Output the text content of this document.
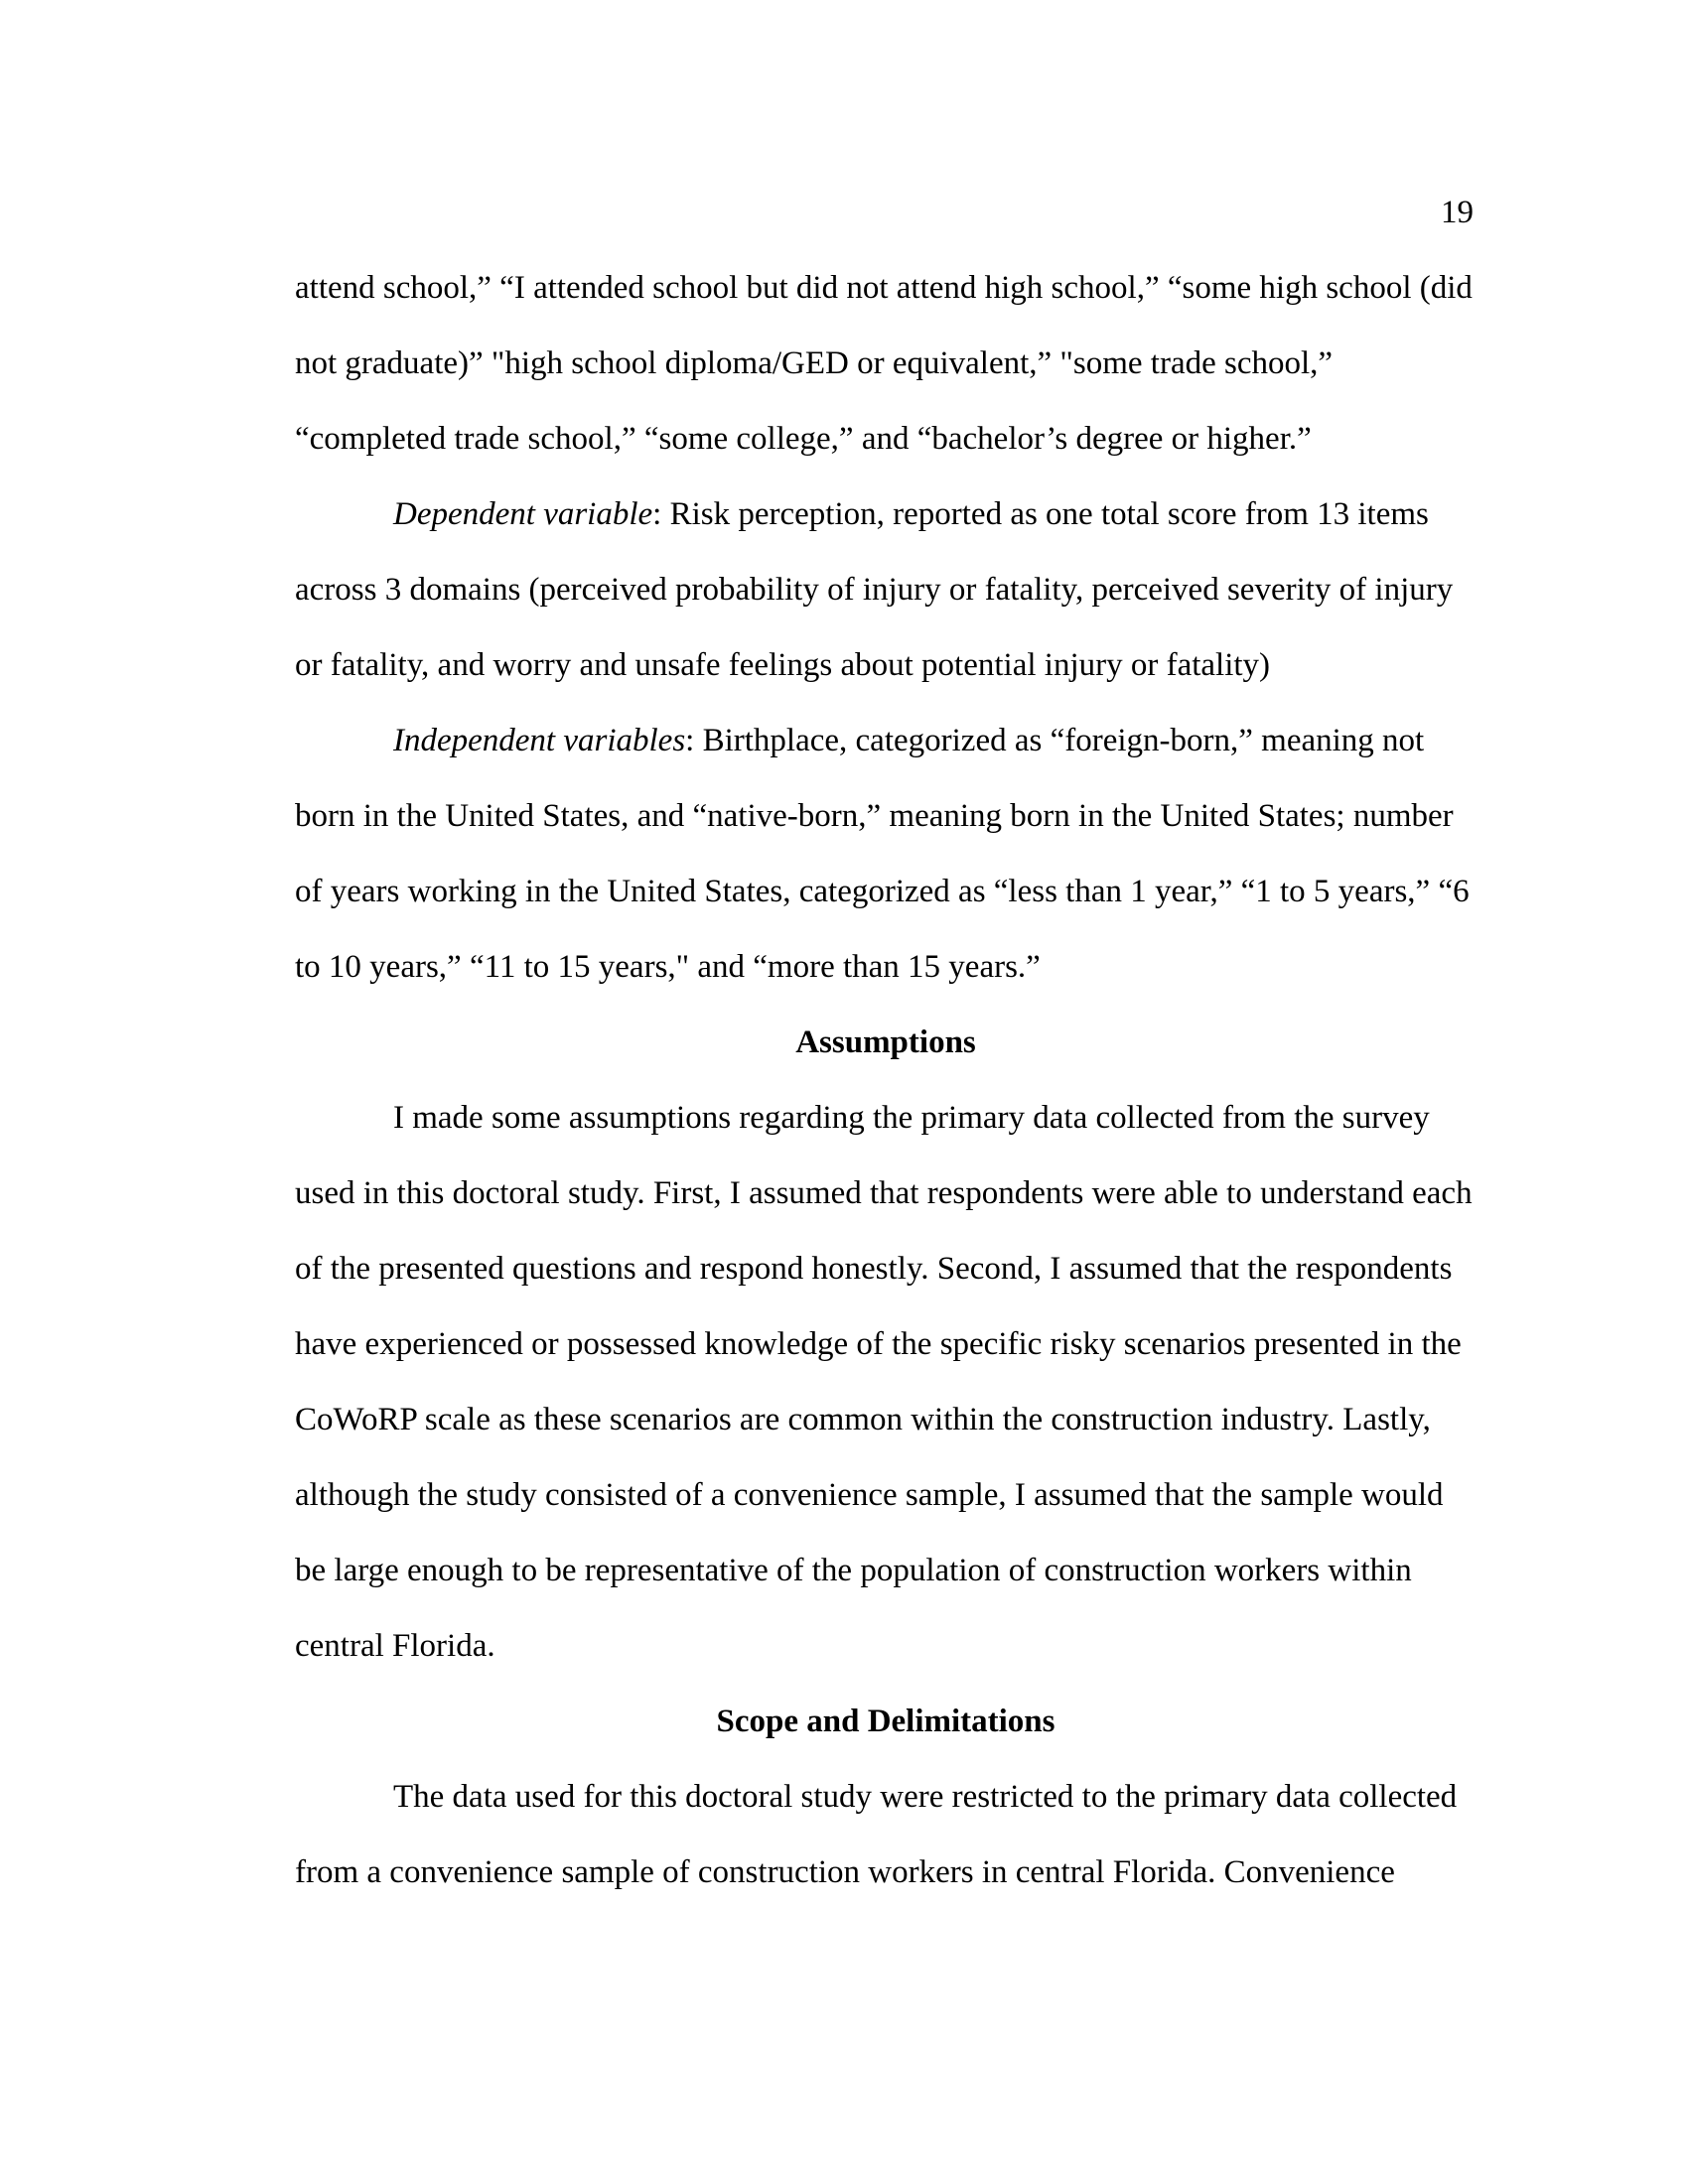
19

attend school,” “I attended school but did not attend high school,” “some high school (did not graduate)” "high school diploma/GED or equivalent,” "some trade school,” “completed trade school,” “some college,” and “bachelor’s degree or higher.”

Dependent variable: Risk perception, reported as one total score from 13 items across 3 domains (perceived probability of injury or fatality, perceived severity of injury or fatality, and worry and unsafe feelings about potential injury or fatality)

Independent variables: Birthplace, categorized as “foreign-born,” meaning not born in the United States, and “native-born,” meaning born in the United States; number of years working in the United States, categorized as “less than 1 year,” “1 to 5 years,” “6 to 10 years,” “11 to 15 years," and “more than 15 years.”

Assumptions

I made some assumptions regarding the primary data collected from the survey used in this doctoral study. First, I assumed that respondents were able to understand each of the presented questions and respond honestly. Second, I assumed that the respondents have experienced or possessed knowledge of the specific risky scenarios presented in the CoWoRP scale as these scenarios are common within the construction industry. Lastly, although the study consisted of a convenience sample, I assumed that the sample would be large enough to be representative of the population of construction workers within central Florida.

Scope and Delimitations

The data used for this doctoral study were restricted to the primary data collected from a convenience sample of construction workers in central Florida. Convenience
